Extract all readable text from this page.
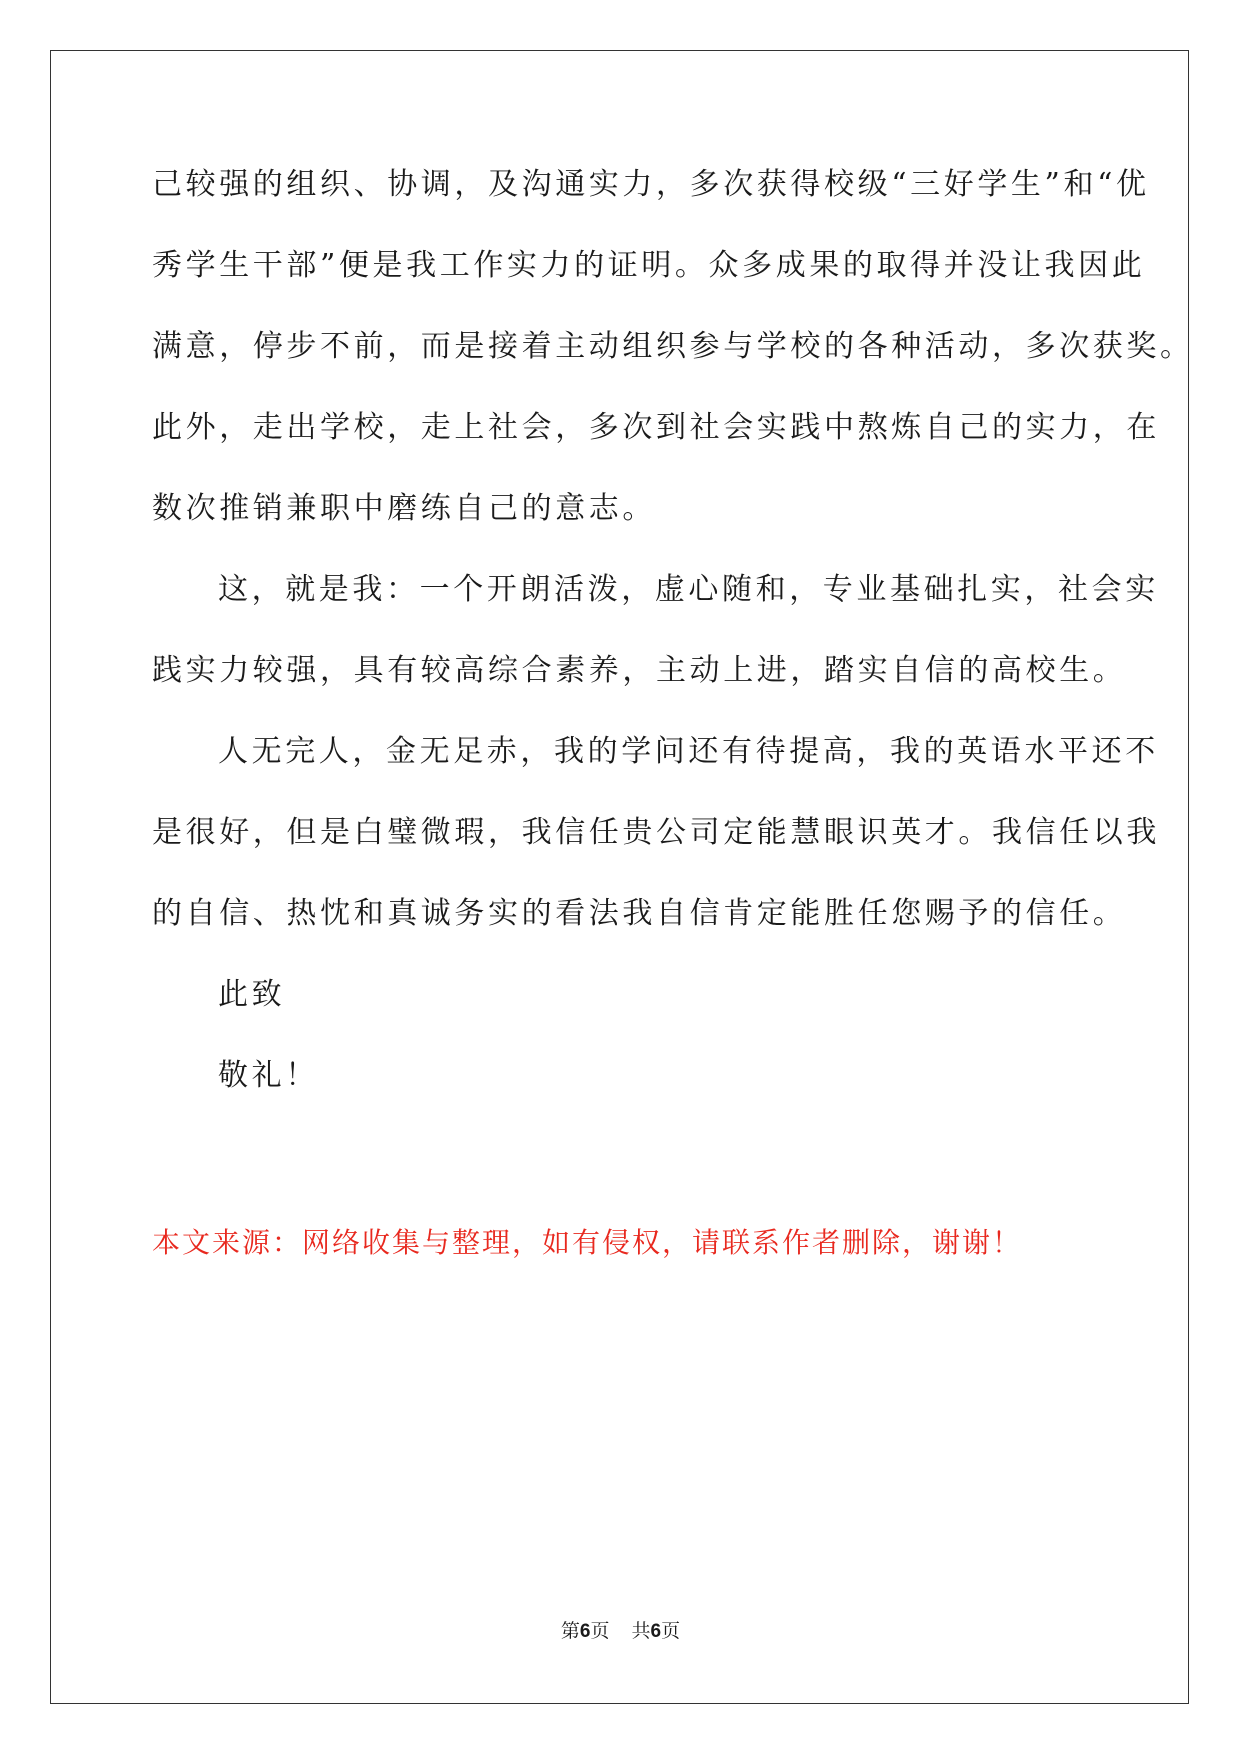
己较强的组织、协调，及沟通实力，多次获得校级“三好学生”和“优
秀学生干部”便是我工作实力的证明。众多成果的取得并没让我因此
满意，停步不前，而是接着主动组织参与学校的各种活动，多次获奖。
此外，走出学校，走上社会，多次到社会实践中熬炼自己的实力，在
数次推销兼职中磨练自己的意志。
这，就是我：一个开朗活泼，虚心随和，专业基础扎实，社会实
践实力较强，具有较高综合素养，主动上进，踏实自信的高校生。
人无完人，金无足赤，我的学问还有待提高，我的英语水平还不
是很好，但是白璧微瑕，我信任贵公司定能慧眼识英才。我信任以我
的自信、热忱和真诚务实的看法我自信肯定能胜任您赐予的信任。
此致
敬礼！
本文来源：网络收集与整理，如有侵权，请联系作者删除，谢谢！
第6页 共6页
